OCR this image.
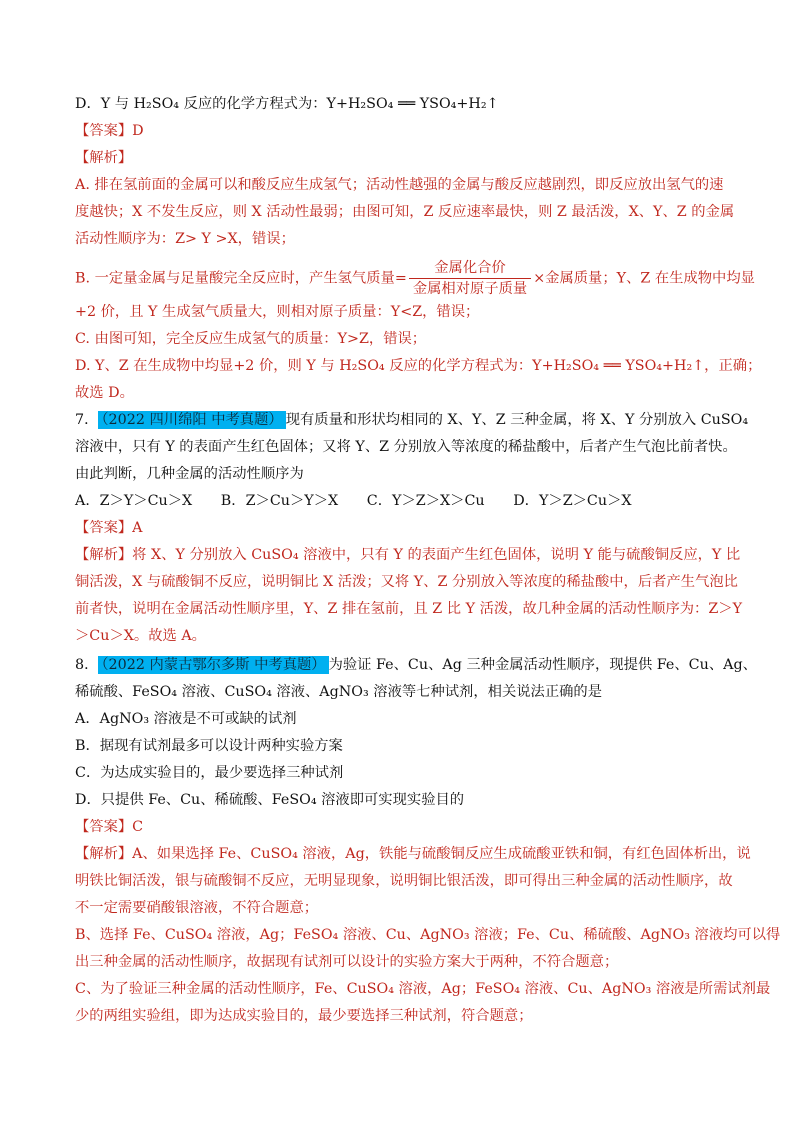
D．Y 与 H₂SO₄ 反应的化学方程式为：Y+H₂SO₄ ══ YSO₄+H₂↑
【答案】D
【解析】
A. 排在氢前面的金属可以和酸反应生成氢气；活动性越强的金属与酸反应越剧烈，即反应放出氢气的速
度越快；X 不发生反应，则 X 活动性最弱；由图可知，Z 反应速率最快，则 Z 最活泼，X、Y、Z 的金属
活动性顺序为：Z> Y >X，错误；
B. 一定量金属与足量酸完全反应时，产生氢气质量= $\frac{\text{金属化合价}}{\text{金属相对原子质量}}$ ×金属质量；Y、Z 在生成物中均显
+2 价，且 Y 生成氢气质量大，则相对原子质量：Y<Z，错误；
C. 由图可知，完全反应生成氢气的质量：Y>Z，错误；
D. Y、Z 在生成物中均显+2 价，则 Y 与 H₂SO₄ 反应的化学方程式为：Y+H₂SO₄ ══ YSO₄+H₂↑，正确；
故选 D。
7． （2022 四川绵阳 中考真题） 现有质量和形状均相同的 X、Y、Z 三种金属，将 X、Y 分别放入 CuSO₄
溶液中，只有 Y 的表面产生红色固体；又将 Y、Z 分别放入等浓度的稀盐酸中，后者产生气泡比前者快。
由此判断，几种金属的活动性顺序为
A．Z＞Y＞Cu＞X　　B．Z＞Cu＞Y＞X　　C．Y＞Z＞X＞Cu　　D．Y＞Z＞Cu＞X
【答案】A
【解析】将 X、Y 分别放入 CuSO₄ 溶液中，只有 Y 的表面产生红色固体，说明 Y 能与硫酸铜反应，Y 比
铜活泼，X 与硫酸铜不反应，说明铜比 X 活泼；又将 Y、Z 分别放入等浓度的稀盐酸中，后者产生气泡比
前者快，说明在金属活动性顺序里，Y、Z 排在氢前，且 Z 比 Y 活泼，故几种金属的活动性顺序为：Z＞Y
＞Cu＞X。故选 A。
8． （2022 内蒙古鄂尔多斯 中考真题） 为验证 Fe、Cu、Ag 三种金属活动性顺序，现提供 Fe、Cu、Ag、
稀硫酸、FeSO₄ 溶液、CuSO₄ 溶液、AgNO₃ 溶液等七种试剂，相关说法正确的是
A．AgNO₃ 溶液是不可或缺的试剂
B．据现有试剂最多可以设计两种实验方案
C．为达成实验目的，最少要选择三种试剂
D．只提供 Fe、Cu、稀硫酸、FeSO₄ 溶液即可实现实验目的
【答案】C
【解析】A、如果选择 Fe、CuSO₄ 溶液，Ag，铁能与硫酸铜反应生成硫酸亚铁和铜，有红色固体析出，说
明铁比铜活泼，银与硫酸铜不反应，无明显现象，说明铜比银活泼，即可得出三种金属的活动性顺序，故
不一定需要硝酸银溶液，不符合题意；
B、选择 Fe、CuSO₄ 溶液，Ag；FeSO₄ 溶液、Cu、AgNO₃ 溶液；Fe、Cu、稀硫酸、AgNO₃ 溶液均可以得
出三种金属的活动性顺序，故据现有试剂可以设计的实验方案大于两种，不符合题意；
C、为了验证三种金属的活动性顺序，Fe、CuSO₄ 溶液，Ag；FeSO₄ 溶液、Cu、AgNO₃ 溶液是所需试剂最
少的两组实验组，即为达成实验目的，最少要选择三种试剂，符合题意；
